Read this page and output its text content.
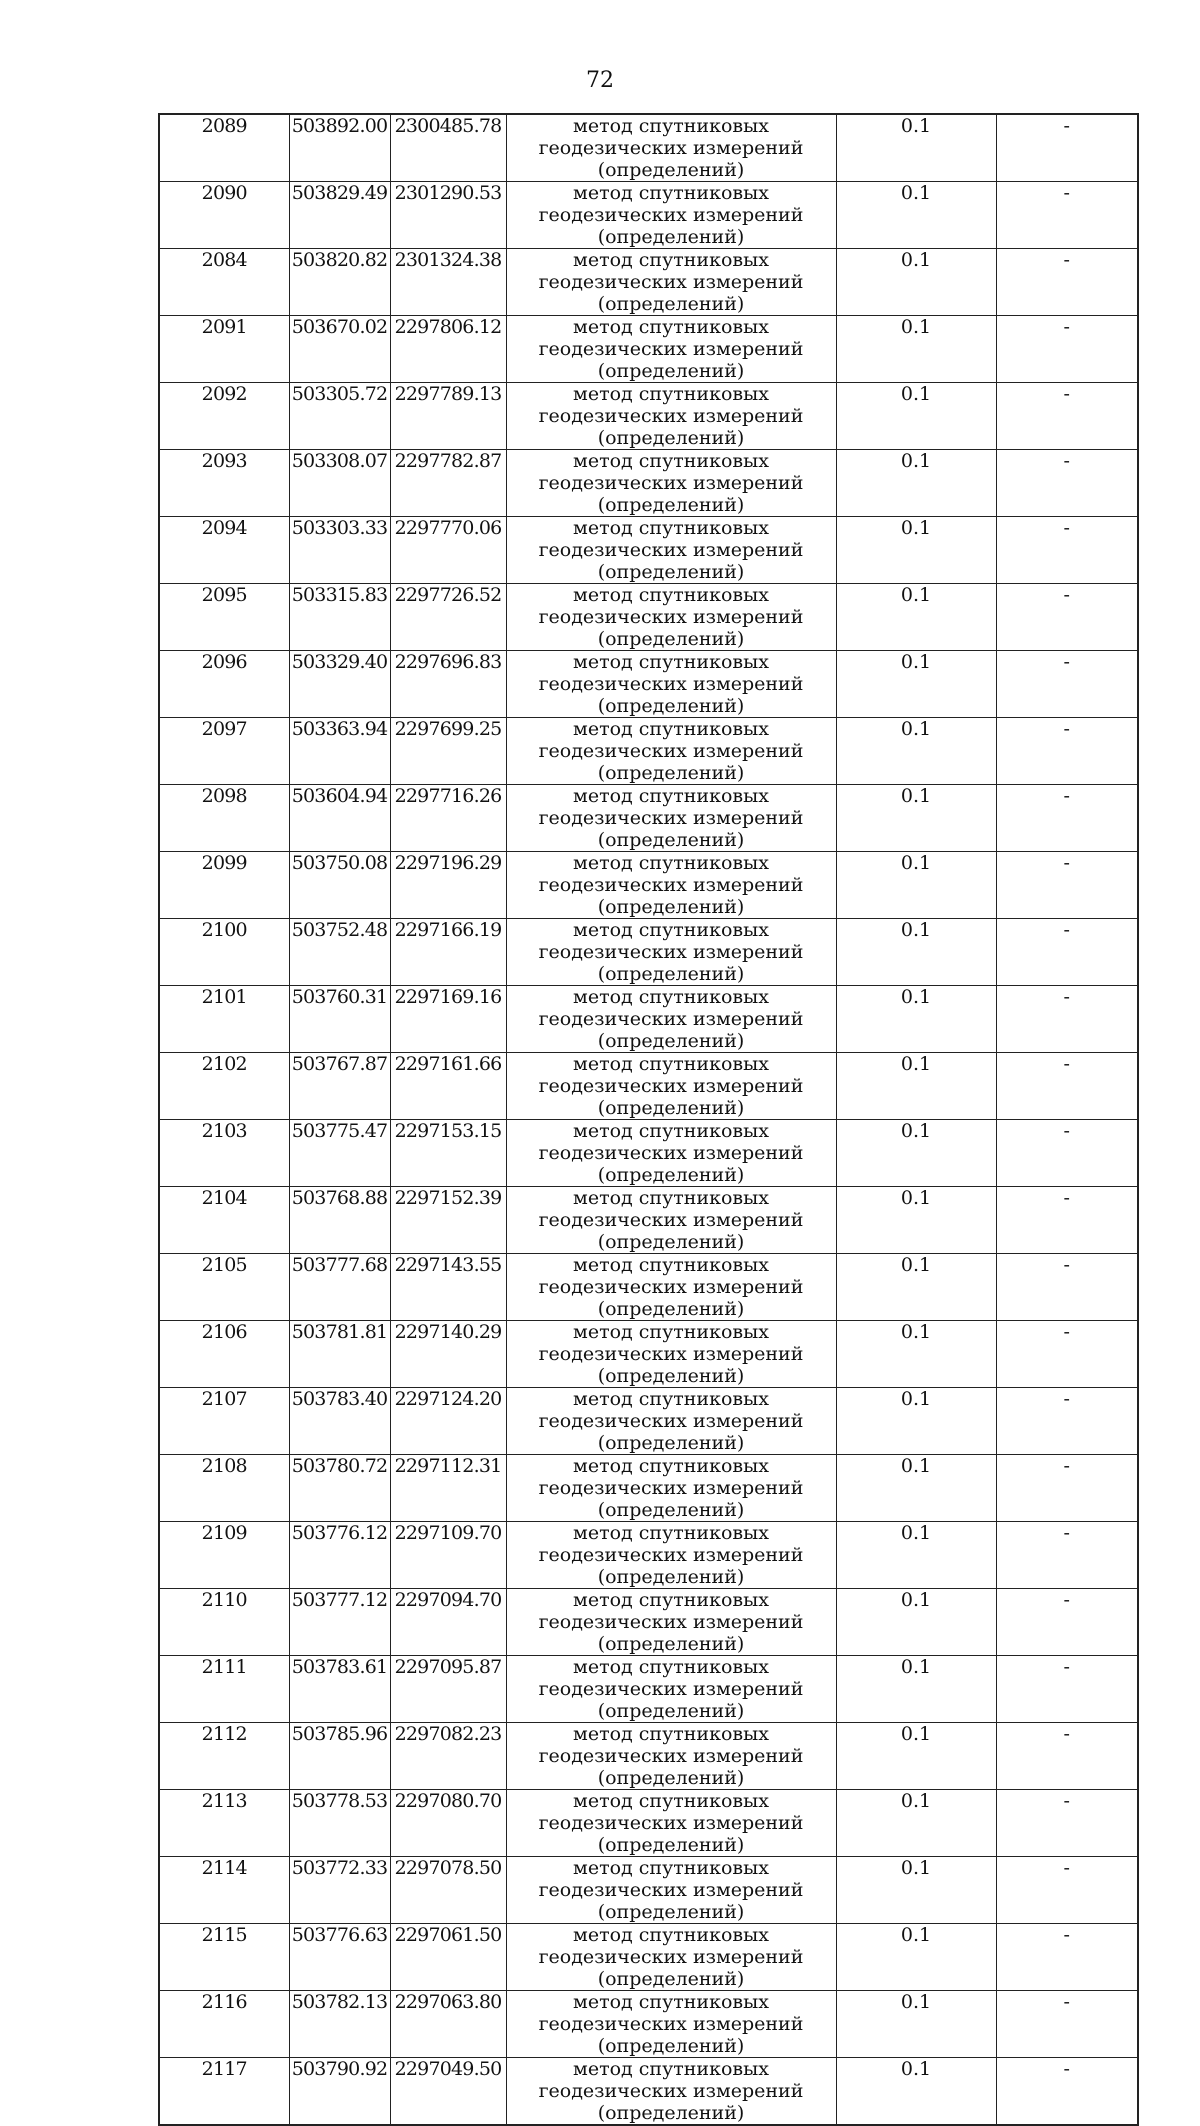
72
2089	503892.00	2300485.78	метод спутниковых геодезических измерений (определений)	0.1	-
2090	503829.49	2301290.53	метод спутниковых геодезических измерений (определений)	0.1	-
2084	503820.82	2301324.38	метод спутниковых геодезических измерений (определений)	0.1	-
2091	503670.02	2297806.12	метод спутниковых геодезических измерений (определений)	0.1	-
2092	503305.72	2297789.13	метод спутниковых геодезических измерений (определений)	0.1	-
2093	503308.07	2297782.87	метод спутниковых геодезических измерений (определений)	0.1	-
2094	503303.33	2297770.06	метод спутниковых геодезических измерений (определений)	0.1	-
2095	503315.83	2297726.52	метод спутниковых геодезических измерений (определений)	0.1	-
2096	503329.40	2297696.83	метод спутниковых геодезических измерений (определений)	0.1	-
2097	503363.94	2297699.25	метод спутниковых геодезических измерений (определений)	0.1	-
2098	503604.94	2297716.26	метод спутниковых геодезических измерений (определений)	0.1	-
2099	503750.08	2297196.29	метод спутниковых геодезических измерений (определений)	0.1	-
2100	503752.48	2297166.19	метод спутниковых геодезических измерений (определений)	0.1	-
2101	503760.31	2297169.16	метод спутниковых геодезических измерений (определений)	0.1	-
2102	503767.87	2297161.66	метод спутниковых геодезических измерений (определений)	0.1	-
2103	503775.47	2297153.15	метод спутниковых геодезических измерений (определений)	0.1	-
2104	503768.88	2297152.39	метод спутниковых геодезических измерений (определений)	0.1	-
2105	503777.68	2297143.55	метод спутниковых геодезических измерений (определений)	0.1	-
2106	503781.81	2297140.29	метод спутниковых геодезических измерений (определений)	0.1	-
2107	503783.40	2297124.20	метод спутниковых геодезических измерений (определений)	0.1	-
2108	503780.72	2297112.31	метод спутниковых геодезических измерений (определений)	0.1	-
2109	503776.12	2297109.70	метод спутниковых геодезических измерений (определений)	0.1	-
2110	503777.12	2297094.70	метод спутниковых геодезических измерений (определений)	0.1	-
2111	503783.61	2297095.87	метод спутниковых геодезических измерений (определений)	0.1	-
2112	503785.96	2297082.23	метод спутниковых геодезических измерений (определений)	0.1	-
2113	503778.53	2297080.70	метод спутниковых геодезических измерений (определений)	0.1	-
2114	503772.33	2297078.50	метод спутниковых геодезических измерений (определений)	0.1	-
2115	503776.63	2297061.50	метод спутниковых геодезических измерений (определений)	0.1	-
2116	503782.13	2297063.80	метод спутниковых геодезических измерений (определений)	0.1	-
2117	503790.92	2297049.50	метод спутниковых геодезических измерений (определений)	0.1	-
